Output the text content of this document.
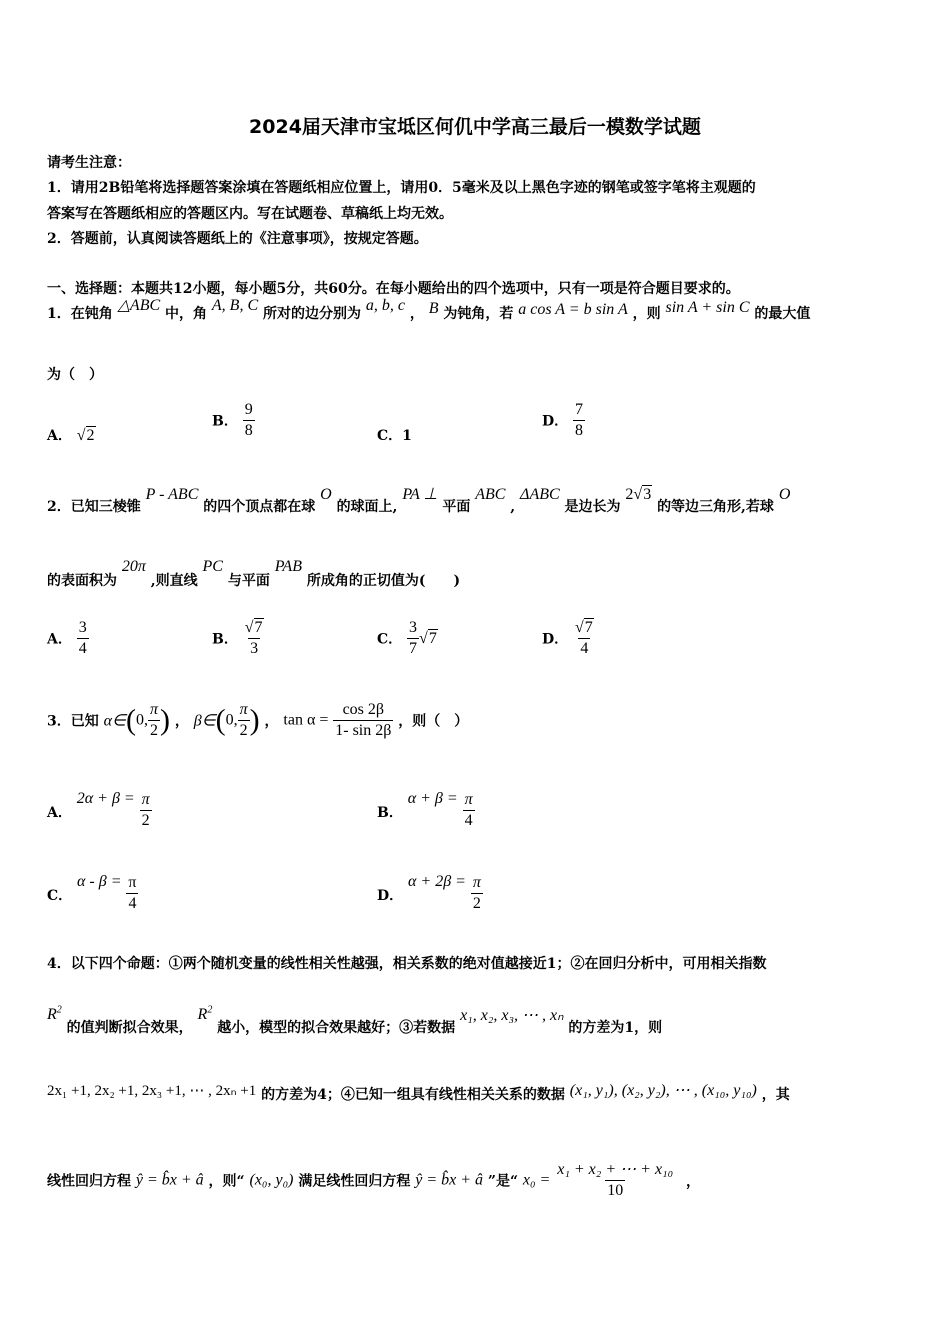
2024届天津市宝坻区何仉中学高三最后一模数学试题
请考生注意：
1．请用2B铅笔将选择题答案涂填在答题纸相应位置上，请用0．5毫米及以上黑色字迹的钢笔或签字笔将主观题的
答案写在答题纸相应的答题区内。写在试题卷、草稿纸上均无效。
2．答题前，认真阅读答题纸上的《注意事项》，按规定答题。
一、选择题：本题共12小题，每小题5分，共60分。在每小题给出的四个选项中，只有一项是符合题目要求的。
1．在钝角 △ABC 中，角 A, B, C 所对的边分别为 a, b, c ， B 为钝角，若 a cos A = b sin A ，则 sin A + sin C 的最大值
为（　）
A． √2
B． $\frac{9}{8}$	C．1
D． $\frac{7}{8}$
2．已知三棱锥 P - ABC 的四个顶点都在球 O 的球面上, PA ⊥ 平面 ABC , ΔABC 是边长为 2√3 的等边三角形,若球 O
的表面积为 20π ,则直线 PC 与平面 PAB 所成角的正切值为(　　)
A． $\frac{3}{4}$	B． $\frac{√7}{3}$	C． $\frac{3}{7} √7$	D． $\frac{√7}{4}$
3．已知 α∈(0, $\frac{\pi}{2}$ ) ， β∈(0, $\frac{\pi}{2}$ ) ， $\tan \alpha = \frac{\cos 2\beta}{1- \sin 2\beta}$ ，则（　）
A． $2\alpha + \beta = \frac{\pi}{2}$	B． $\alpha + \beta = \frac{\pi}{4}$
C． $\alpha - \beta = \frac{\pi}{4}$	D． $\alpha + 2\beta = \frac{\pi}{2}$
4．以下四个命题：①两个随机变量的线性相关性越强，相关系数的绝对值越接近1；②在回归分析中，可用相关指数
$R^2$ 的值判断拟合效果， $R^2$ 越小，模型的拟合效果越好；③若数据 x₁, x₂, x₃, ⋯ , xₙ 的方差为1，则
2x₁ +1, 2x₂ +1, 2x₃ +1, ⋯ , 2xₙ +1 的方差为4；④已知一组具有线性相关关系的数据 (x₁, y₁), (x₂, y₂), ⋯ , (x₁₀, y₁₀) ，其
线性回归方程 ŷ = b̂x + â ，则“ (x₀, y₀) 满足线性回归方程 ŷ = b̂x + â ”是“ $x_0 = \frac{\text{x₁ + x₂ + ⋯ + x₁₀}}{10}$ ，
